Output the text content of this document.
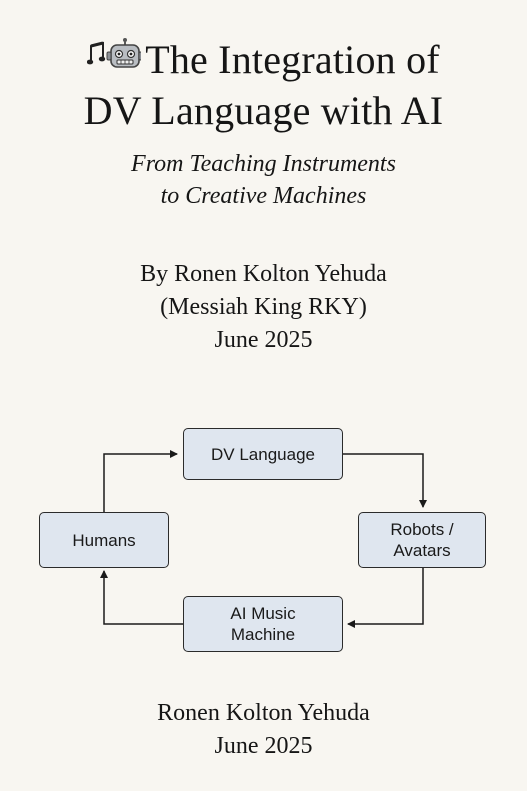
The Integration of
DV Language with AI
From Teaching Instruments
to Creative Machines
By Ronen Kolton Yehuda
(Messiah King RKY)
June 2025
DV Language
Robots /
Avatars
AI Music
Machine
Humans
Ronen Kolton Yehuda
June 2025
